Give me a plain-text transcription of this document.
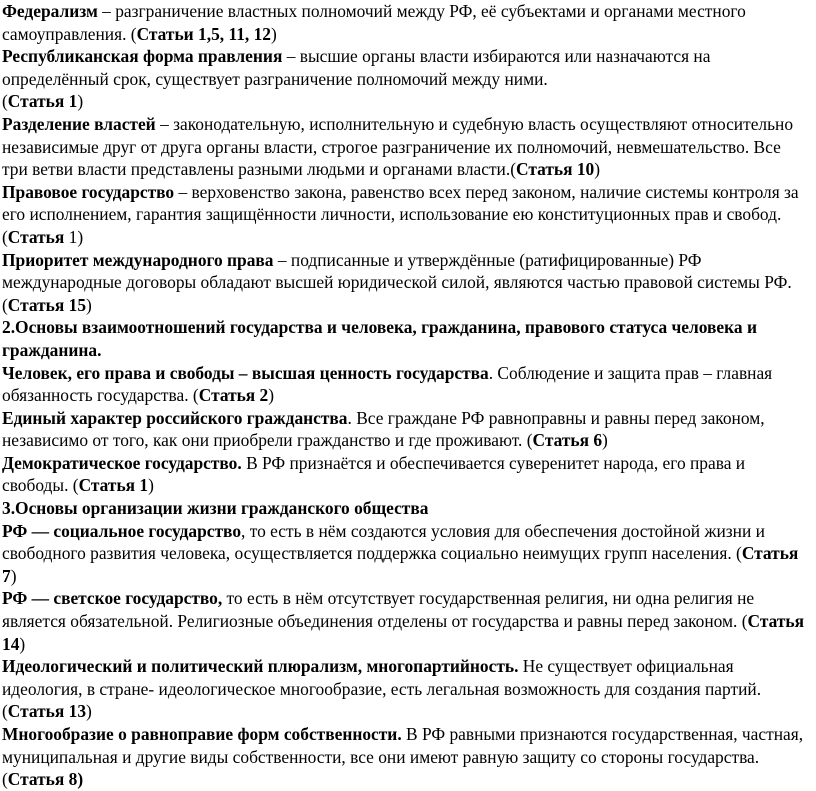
Федерализм – разграничение властных полномочий между РФ, её субъектами и органами местного самоуправления. (Статьи 1,5, 11, 12)

Республиканская форма правления – высшие органы власти избираются или назначаются на определённый срок, существует разграничение полномочий между ними.

(Статья 1)

Разделение властей – законодательную, исполнительную и судебную власть осуществляют относительно независимые друг от друга органы власти, строгое разграничение их полномочий, невмешательство. Все три ветви власти представлены разными людьми и органами власти.(Статья 10)

Правовое государство – верховенство закона, равенство всех перед законом, наличие системы контроля за его исполнением, гарантия защищённости личности, использование ею конституционных прав и свобод. (Статья 1)

Приоритет международного права – подписанные и утверждённые (ратифицированные) РФ международные договоры обладают высшей юридической силой, являются частью правовой системы РФ. (Статья 15)

2.Основы взаимоотношений государства и человека, гражданина, правового статуса человека и гражданина.

Человек, его права и свободы – высшая ценность государства. Соблюдение и защита прав – главная обязанность государства. (Статья 2)

Единый характер российского гражданства. Все граждане РФ равноправны и равны перед законом, независимо от того, как они приобрели гражданство и где проживают. (Статья 6)

Демократическое государство. В РФ признаётся и обеспечивается суверенитет народа, его права и свободы. (Статья 1)

3.Основы организации жизни гражданского общества

РФ — социальное государство, то есть в нём создаются условия для обеспечения достойной жизни и свободного развития человека, осуществляется поддержка социально неимущих групп населения. (Статья 7)

РФ — светское государство, то есть в нём отсутствует государственная религия, ни одна религия не является обязательной. Религиозные объединения отделены от государства и равны перед законом. (Статья 14)

Идеологический и политический плюрализм, многопартийность. Не существует официальная идеология, в стране- идеологическое многообразие, есть легальная возможность для создания партий. (Статья 13)

Многообразие о равноправие форм собственности. В РФ равными признаются государственная, частная, муниципальная и другие виды собственности, все они имеют равную защиту со стороны государства. (Статья 8)
